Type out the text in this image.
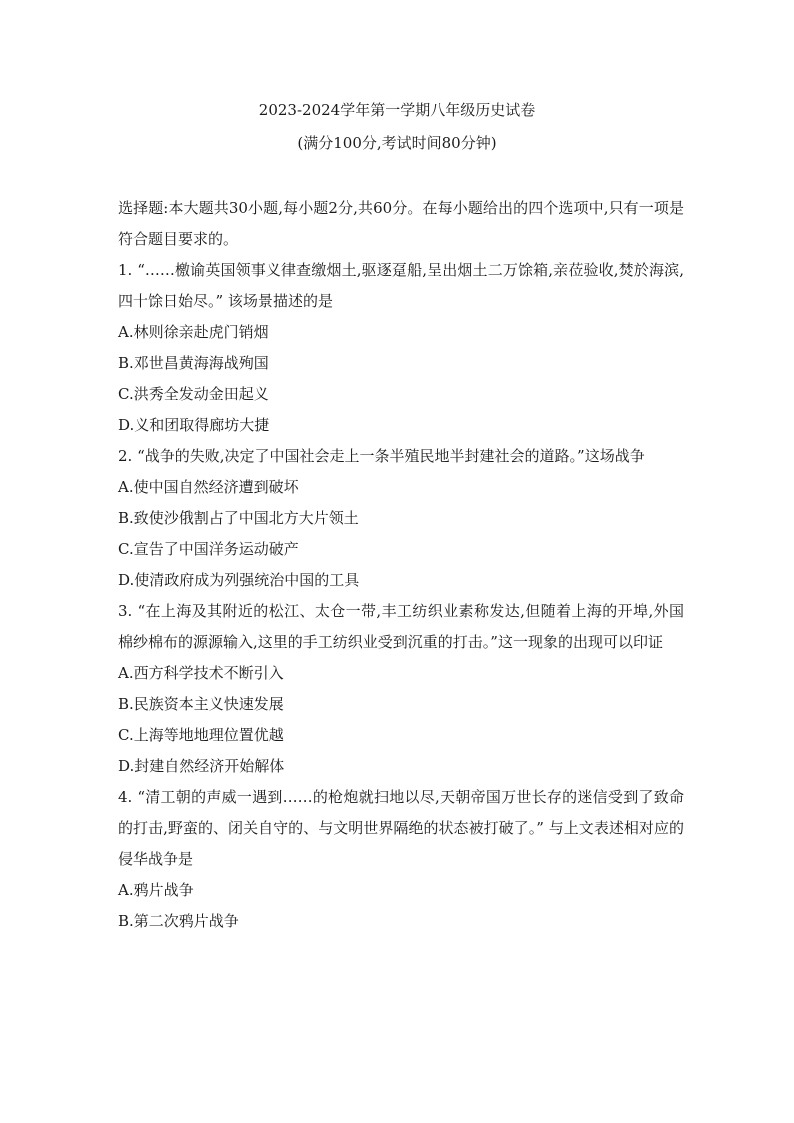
2023-2024学年第一学期八年级历史试卷
(满分100分,考试时间80分钟)

选择题:本大题共30小题,每小题2分,共60分。在每小题给出的四个选项中,只有一项是符合题目要求的。

1. “……檄谕英国领事义律查缴烟土,驱逐趸船,呈出烟土二万馀箱,亲莅验收,焚於海滨,四十馀日始尽。” 该场景描述的是

A.林则徐亲赴虎门销烟

B.邓世昌黄海海战殉国

C.洪秀全发动金田起义

D.义和团取得廊坊大捷

2. “战争的失败,决定了中国社会走上一条半殖民地半封建社会的道路。”这场战争

A.使中国自然经济遭到破坏

B.致使沙俄割占了中国北方大片领土

C.宣告了中国洋务运动破产

D.使清政府成为列强统治中国的工具

3. “在上海及其附近的松江、太仓一带,丰工纺织业素称发达,但随着上海的开埠,外国棉纱棉布的源源输入,这里的手工纺织业受到沉重的打击。”这一现象的出现可以印证

A.西方科学技术不断引入

B.民族资本主义快速发展

C.上海等地地理位置优越

D.封建自然经济开始解体

4. “清工朝的声威一遇到……的枪炮就扫地以尽,天朝帝国万世长存的迷信受到了致命的打击,野蛮的、闭关自守的、与文明世界隔绝的状态被打破了。” 与上文表述相对应的侵华战争是

A.鸦片战争

B.第二次鸦片战争
